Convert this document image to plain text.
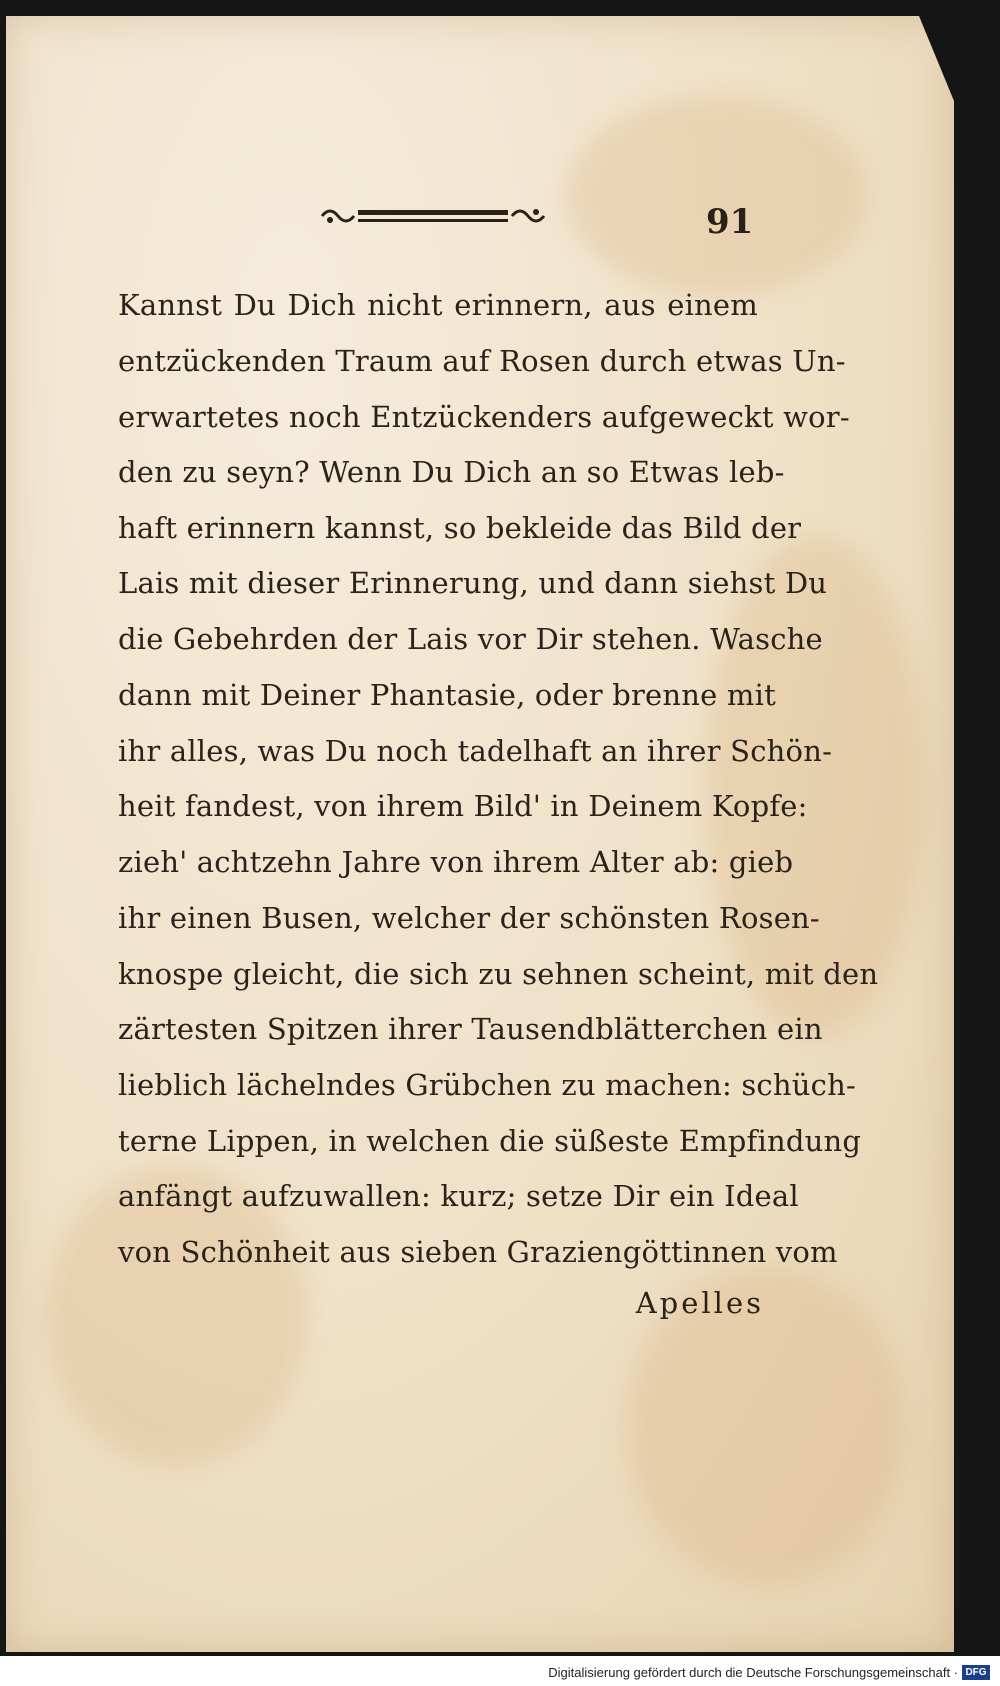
91
Kannst Du Dich nicht erinnern, aus einem
entzückenden Traum auf Rosen durch etwas Un-
erwartetes noch Entzückenders aufgeweckt wor-
den zu seyn? Wenn Du Dich an so Etwas leb-
haft erinnern kannst, so bekleide das Bild der
Lais mit dieser Erinnerung, und dann siehst Du
die Gebehrden der Lais vor Dir stehen. Wasche
dann mit Deiner Phantasie, oder brenne mit
ihr alles, was Du noch tadelhaft an ihrer Schön-
heit fandest, von ihrem Bild' in Deinem Kopfe:
zieh' achtzehn Jahre von ihrem Alter ab: gieb
ihr einen Busen, welcher der schönsten Rosen-
knospe gleicht, die sich zu sehnen scheint, mit den
zärtesten Spitzen ihrer Tausendblätterchen ein
lieblich lächelndes Grübchen zu machen: schüch-
terne Lippen, in welchen die süßeste Empfindung
anfängt aufzuwallen: kurz; setze Dir ein Ideal
von Schönheit aus sieben Graziengöttinnen vom
Apelles
Digitalisierung gefördert durch die Deutsche Forschungsgemeinschaft · DFG
